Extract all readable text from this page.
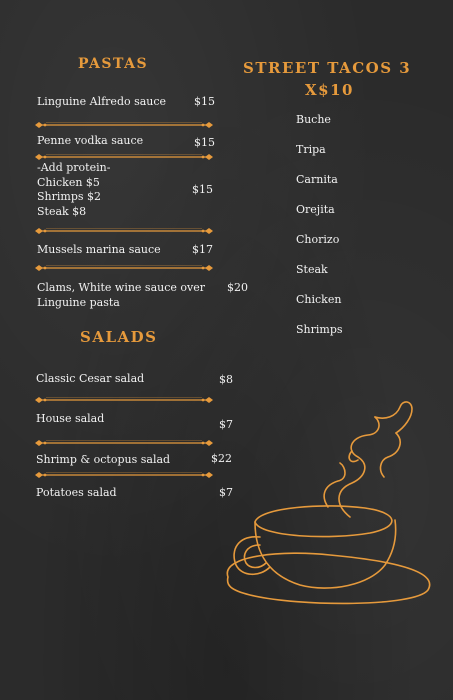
PASTAS
Linguine Alfredo sauce	$15
Penne vodka sauce	$15
-Add protein-
Chicken $5
Shrimps $2
Steak $8
$15
Mussels marina sauce	$17
Clams, White wine sauce over
Linguine pasta
$20
SALADS
Classic Cesar salad	$8
House salad	$7
Shrimp & octopus salad	$22
Potatoes salad	$7
STREET TACOS 3
X$10
Buche
Tripa
Carnita
Orejita
Chorizo
Steak
Chicken
Shrimps
